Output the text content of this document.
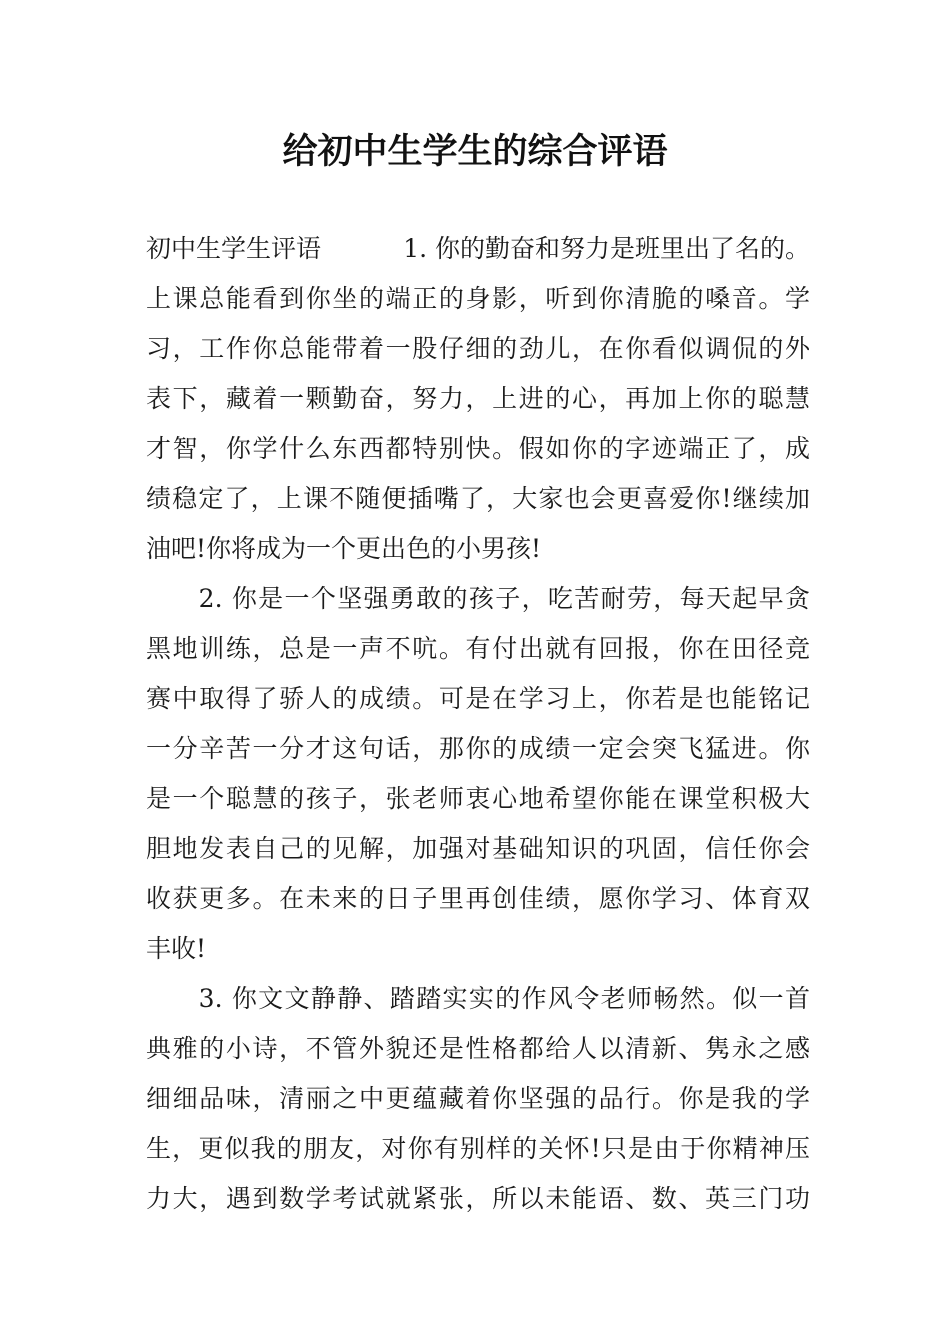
给初中生学生的综合评语
初中生学生评语	1. 你的勤奋和努力是班里出了名的。
上课总能看到你坐的端正的身影，听到你清脆的嗓音。学
习，工作你总能带着一股仔细的劲儿，在你看似调侃的外
表下，藏着一颗勤奋，努力，上进的心，再加上你的聪慧
才智，你学什么东西都特别快。假如你的字迹端正了，成
绩稳定了，上课不随便插嘴了，大家也会更喜爱你!继续加
油吧!你将成为一个更出色的小男孩!
　　2. 你是一个坚强勇敢的孩子，吃苦耐劳，每天起早贪
黑地训练，总是一声不吭。有付出就有回报，你在田径竞
赛中取得了骄人的成绩。可是在学习上，你若是也能铭记
一分辛苦一分才这句话，那你的成绩一定会突飞猛进。你
是一个聪慧的孩子，张老师衷心地希望你能在课堂积极大
胆地发表自己的见解，加强对基础知识的巩固，信任你会
收获更多。在未来的日子里再创佳绩，愿你学习、体育双
丰收!
　　3. 你文文静静、踏踏实实的作风令老师畅然。似一首
典雅的小诗，不管外貌还是性格都给人以清新、隽永之感
细细品味，清丽之中更蕴藏着你坚强的品行。你是我的学
生，更似我的朋友，对你有别样的关怀!只是由于你精神压
力大，遇到数学考试就紧张，所以未能语、数、英三门功
